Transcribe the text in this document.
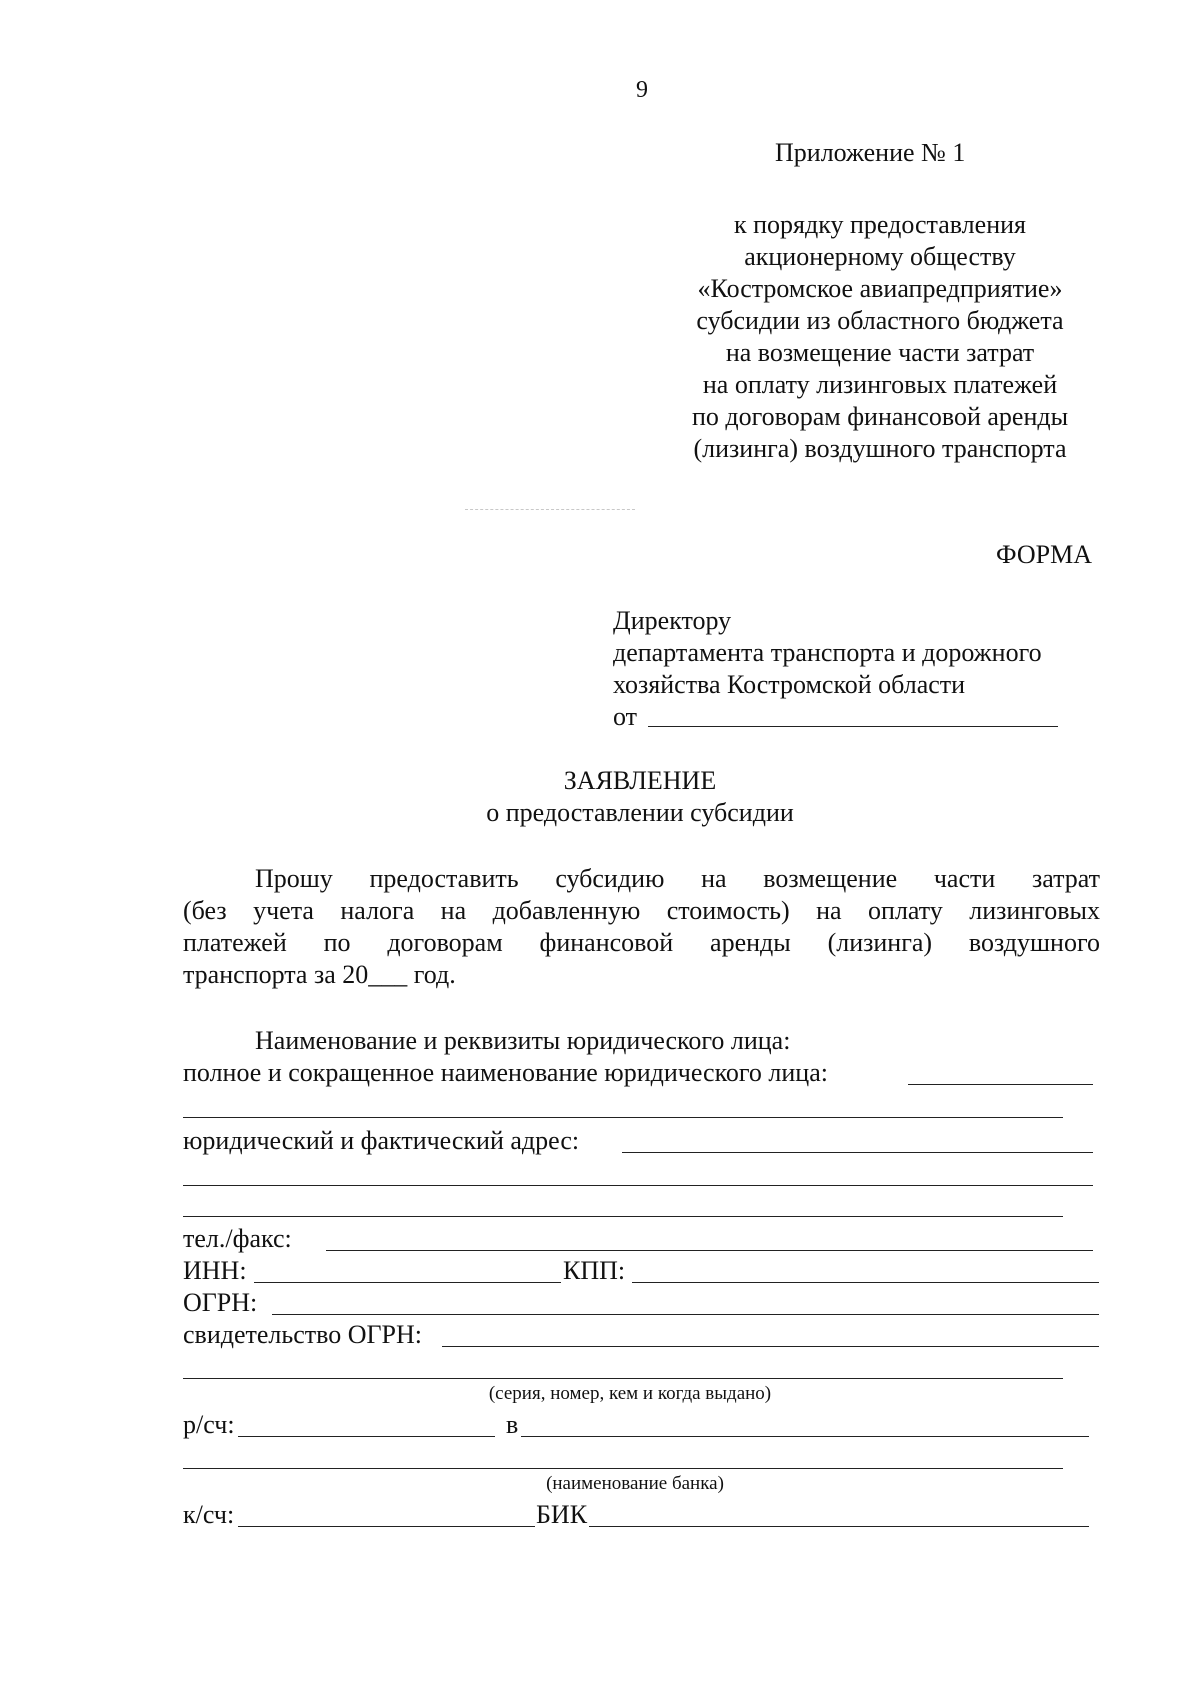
9
Приложение № 1
к порядку предоставления
акционерному обществу
«Костромское авиапредприятие»
субсидии из областного бюджета
на возмещение части затрат
на оплату лизинговых платежей
по договорам финансовой аренды
(лизинга) воздушного транспорта
ФОРМА
Директору
департамента транспорта и дорожного
хозяйства Костромской области
от
ЗАЯВЛЕНИЕ
о предоставлении субсидии
Прошу предоставить субсидию на возмещение части затрат
(без учета налога на добавленную стоимость) на оплату лизинговых
платежей по договорам финансовой аренды (лизинга) воздушного
транспорта за 20___ год.
Наименование и реквизиты юридического лица:
полное и сокращенное наименование юридического лица:
юридический и фактический адрес:
тел./факс:
ИНН:	КПП:
ОГРН:
свидетельство ОГРН:
(серия, номер, кем и когда выдано)
р/сч:	в
(наименование банка)
к/сч:	БИК
